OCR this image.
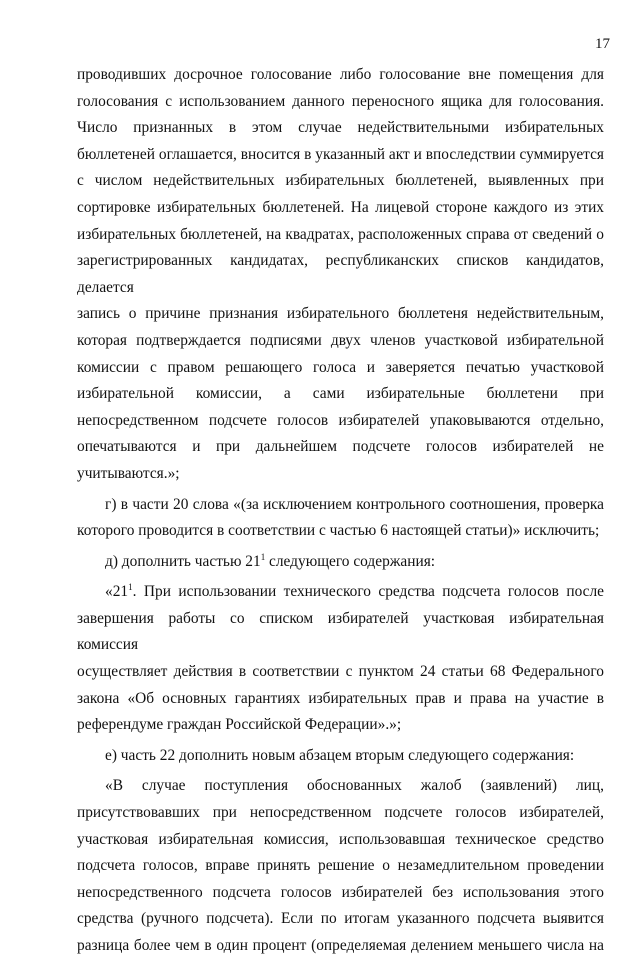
17

проводивших досрочное голосование либо голосование вне помещения для

голосования с использованием данного переносного ящика для голосования.

Число признанных в этом случае недействительными избирательных

бюллетеней оглашается, вносится в указанный акт и впоследствии суммируется

с числом недействительных избирательных бюллетеней, выявленных при

сортировке избирательных бюллетеней. На лицевой стороне каждого из этих

избирательных бюллетеней, на квадратах, расположенных справа от сведений о

зарегистрированных кандидатах, республиканских списков кандидатов, делается

запись о причине признания избирательного бюллетеня недействительным,

которая подтверждается подписями двух членов участковой избирательной

комиссии с правом решающего голоса и заверяется печатью участковой

избирательной комиссии, а сами избирательные бюллетени при

непосредственном подсчете голосов избирателей упаковываются отдельно,

опечатываются и при дальнейшем подсчете голосов избирателей не

учитываются.»;

г) в части 20 слова «(за исключением контрольного соотношения, проверка

которого проводится в соответствии с частью 6 настоящей статьи)» исключить;

д) дополнить частью $21^1$ следующего содержания:

«$21^1$. При использовании технического средства подсчета голосов после

завершения работы со списком избирателей участковая избирательная комиссия

осуществляет действия в соответствии с пунктом 24 статьи 68 Федерального

закона «Об основных гарантиях избирательных прав и права на участие в

референдуме граждан Российской Федерации».»;

е) часть 22 дополнить новым абзацем вторым следующего содержания:

«В случае поступления обоснованных жалоб (заявлений) лиц,

присутствовавших при непосредственном подсчете голосов избирателей,

участковая избирательная комиссия, использовавшая техническое средство

подсчета голосов, вправе принять решение о незамедлительном проведении

непосредственного подсчета голосов избирателей без использования этого

средства (ручного подсчета). Если по итогам указанного подсчета выявится

разница более чем в один процент (определяемая делением меньшего числа на
